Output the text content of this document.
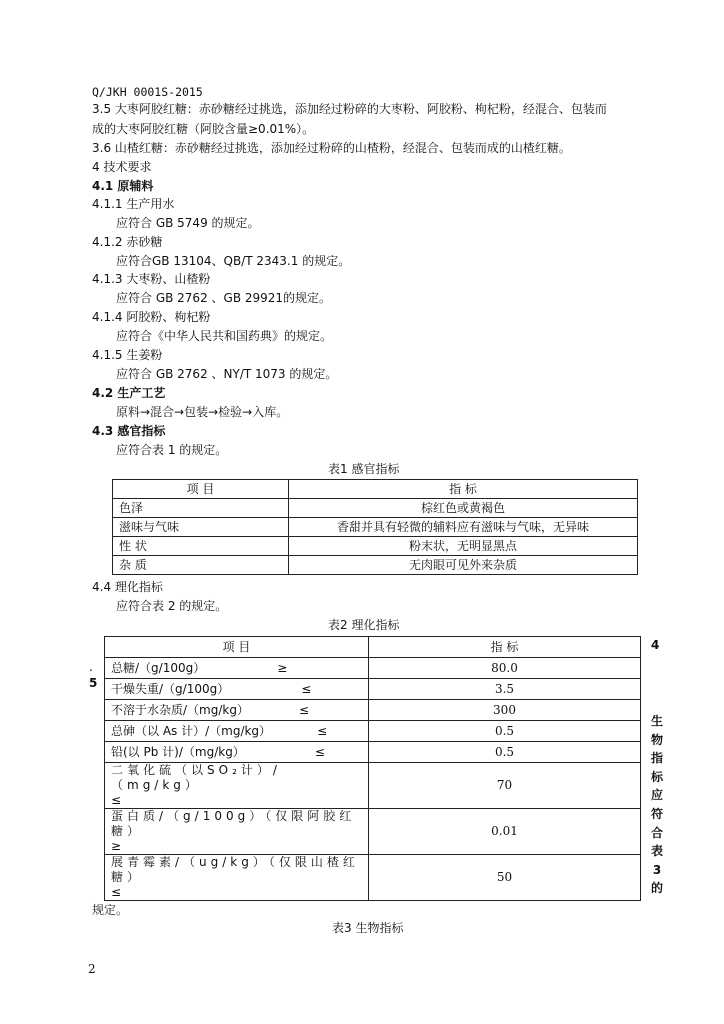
Q/JKH 0001S-2015
3.5 大枣阿胶红糖：赤砂糖经过挑选，添加经过粉碎的大枣粉、阿胶粉、枸杞粉，经混合、包装而
成的大枣阿胶红糖（阿胶含量≥0.01%）。
3.6 山楂红糖：赤砂糖经过挑选，添加经过粉碎的山楂粉，经混合、包装而成的山楂红糖。
4 技术要求
4.1 原辅料
4.1.1 生产用水
应符合 GB 5749 的规定。
4.1.2 赤砂糖
应符合GB 13104、QB/T 2343.1 的规定。
4.1.3 大枣粉、山楂粉
应符合 GB 2762 、GB 29921的规定。
4.1.4 阿胶粉、枸杞粉
应符合《中华人民共和国药典》的规定。
4.1.5 生姜粉
应符合 GB 2762 、NY/T 1073 的规定。
4.2 生产工艺
原料→混合→包装→检验→入库。
4.3 感官指标
应符合表 1 的规定。
表1 感官指标
项 目	指 标
色泽	棕红色或黄褐色
滋味与气味	香甜并具有轻微的辅料应有滋味与气味，无异味
性 状	粉末状，无明显黑点
杂 质	无肉眼可见外来杂质
4.4 理化指标
应符合表 2 的规定。
表2 理化指标
项 目	指 标
总糖/（g/100g） ≥	80.0
干燥失重/（g/100g） ≤	3.5
不溶于水杂质/（mg/kg） ≤	300
总砷（以 As 计）/（mg/kg） ≤	0.5
铅(以 Pb 计)/（mg/kg） ≤	0.5
二氧化硫（以SO₂计）/（mg/kg）
≤	70
蛋白质/（g/100g）（仅限阿胶红糖）
≥	0.01
展青霉素/（ug/kg）（仅限山楂红糖）
≤	50
.
5
4
生物指标应符合表3的
规定。
表3 生物指标
2
